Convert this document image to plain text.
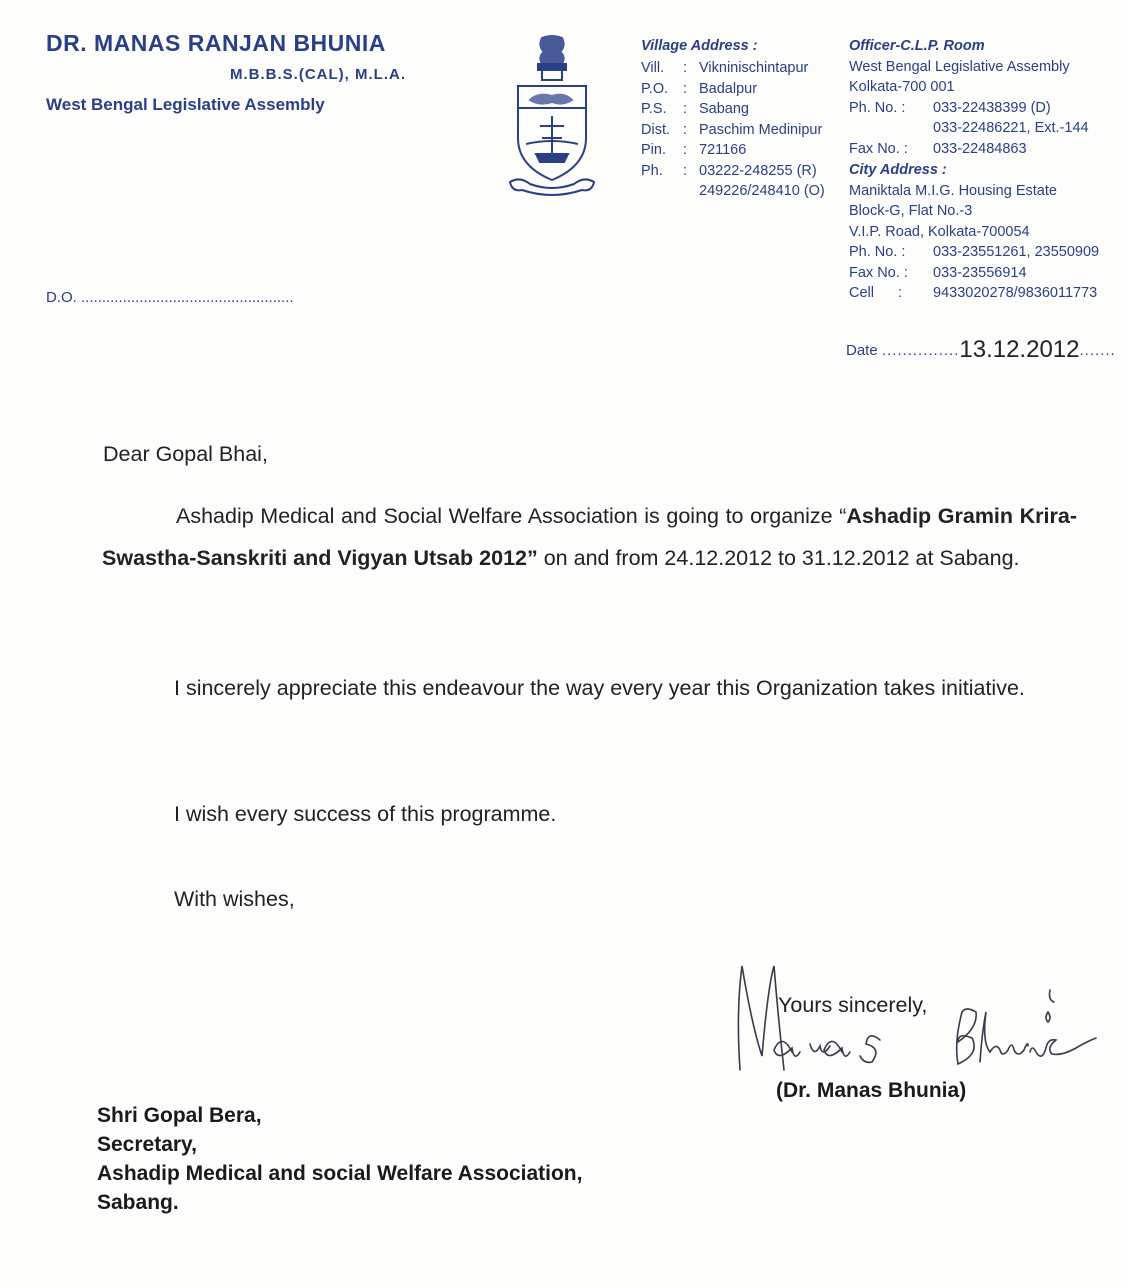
DR. MANAS RANJAN BHUNIA
M.B.B.S.(CAL), M.L.A.
West Bengal Legislative Assembly
D.O. ...................................................
Village Address :
Vill.	:	Vikninischintapur
P.O.	:	Badalpur
P.S.	:	Sabang
Dist.	:	Paschim Medinipur
Pin.	:	721166
Ph.	:	03222-248255 (R)
		249226/248410 (O)
Officer-C.L.P. Room
West Bengal Legislative Assembly
Kolkata-700 001
Ph. No. :	033-22438399 (D)
	033-22486221, Ext.-144
Fax No. :	033-22484863
City Address :
Maniktala M.I.G. Housing Estate
Block-G, Flat No.-3
V.I.P. Road, Kolkata-700054
Ph. No. :	033-23551261, 23550909
Fax No. :	033-23556914
Cell :	9433020278/9836011773
Date ...............13.12.2012.......
Dear Gopal Bhai,
Ashadip Medical and Social Welfare Association is going to organize “Ashadip Gramin Krira-Swastha-Sanskriti and Vigyan Utsab 2012” on and from 24.12.2012 to 31.12.2012 at Sabang.
I sincerely appreciate this endeavour the way every year this Organization takes initiative.
I wish every success of this programme.
With wishes,
Yours sincerely,
(Dr. Manas Bhunia)
Shri Gopal Bera,
Secretary,
Ashadip Medical and social Welfare Association,
Sabang.
